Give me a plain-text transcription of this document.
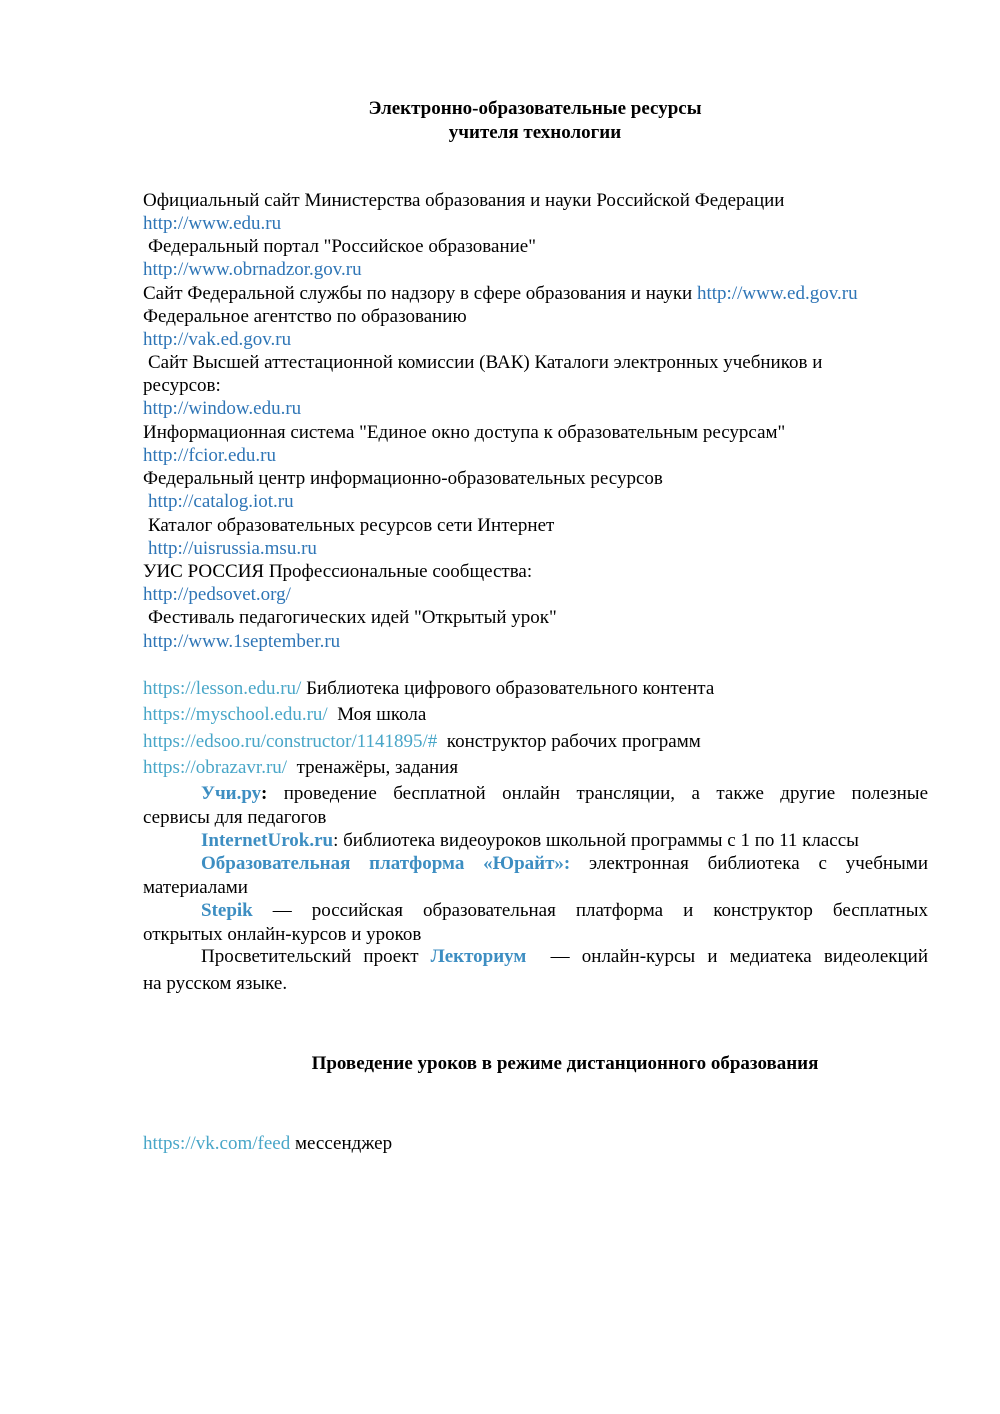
Электронно-образовательные ресурсы
учителя технологии
Официальный сайт Министерства образования и науки Российской Федерации
http://www.edu.ru
Федеральный портал "Российское образование"
http://www.obrnadzor.gov.ru
Сайт Федеральной службы по надзору в сфере образования и науки http://www.ed.gov.ru
Федеральное агентство по образованию
http://vak.ed.gov.ru
Сайт Высшей аттестационной комиссии (ВАК) Каталоги электронных учебников и
ресурсов:
http://window.edu.ru
Информационная система "Единое окно доступа к образовательным ресурсам"
http://fcior.edu.ru
Федеральный центр информационно-образовательных ресурсов
http://catalog.iot.ru
Каталог образовательных ресурсов сети Интернет
http://uisrussia.msu.ru
УИС РОССИЯ Профессиональные сообщества:
http://pedsovet.org/
Фестиваль педагогических идей "Открытый урок"
http://www.1september.ru
https://lesson.edu.ru/ Библиотека цифрового образовательного контента
https://myschool.edu.ru/  Моя школа
https://edsoo.ru/constructor/1141895/#  конструктор рабочих программ
https://obrazavr.ru/  тренажёры, задания
Учи.ру: проведение бесплатной онлайн трансляции, а также другие полезные
сервисы для педагогов
InternetUrok.ru: библиотека видеоуроков школьной программы с 1 по 11 классы
Образовательная платформа «Юрайт»: электронная библиотека с учебными
материалами
Stepik — российская образовательная платформа и конструктор бесплатных
открытых онлайн-курсов и уроков
Просветительский проект Лекториум  — онлайн-курсы и медиатека видеолекций
на русском языке.
Проведение уроков в режиме дистанционного образования
https://vk.com/feed мессенджер
